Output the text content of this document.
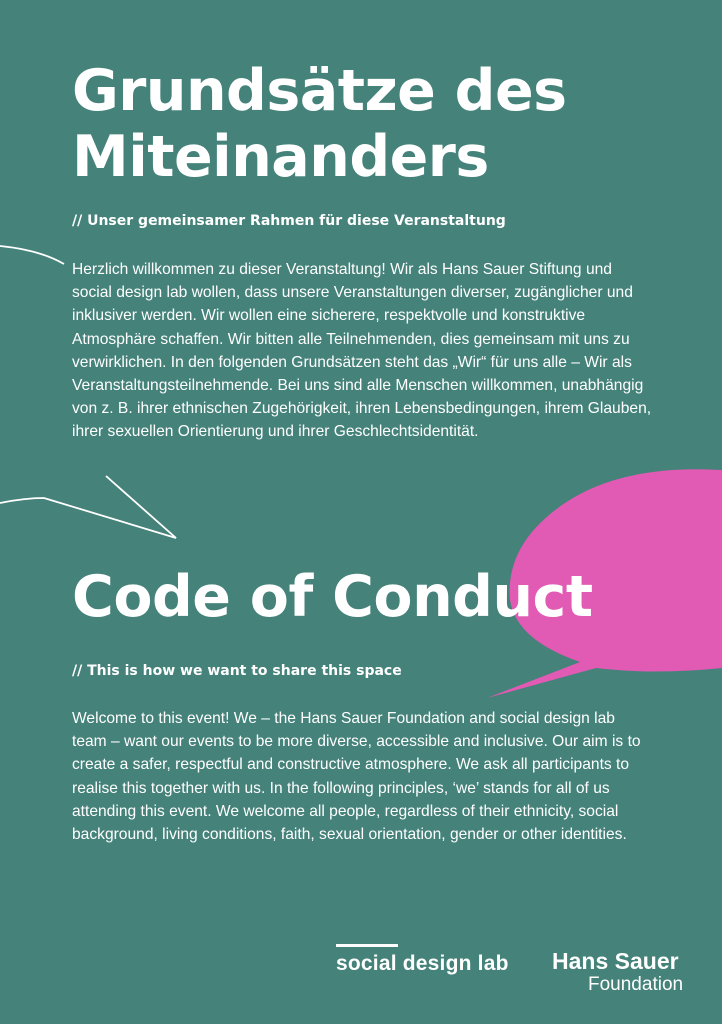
Grundsätze des Miteinanders

// Unser gemeinsamer Rahmen für diese Veranstaltung

Herzlich willkommen zu dieser Veranstaltung! Wir als Hans Sauer Stiftung und social design lab wollen, dass unsere Veranstaltungen diverser, zugänglicher und inklusiver werden. Wir wollen eine sicherere, respektvolle und konstruktive Atmosphäre schaffen. Wir bitten alle Teilnehmenden, dies gemeinsam mit uns zu verwirklichen. In den folgenden Grundsätzen steht das „Wir“ für uns alle – Wir als Veranstaltungsteilnehmende. Bei uns sind alle Menschen willkommen, unabhängig von z. B. ihrer ethnischen Zugehörigkeit, ihren Lebensbedingungen, ihrem Glauben, ihrer sexuellen Orientierung und ihrer Geschlechtsidentität.

Code of Conduct

// This is how we want to share this space

Welcome to this event! We – the Hans Sauer Foundation and social design lab team – want our events to be more diverse, accessible and inclusive. Our aim is to create a safer, respectful and constructive atmosphere. We ask all participants to realise this together with us. In the following principles, ‘we’ stands for all of us attending this event. We welcome all people, regardless of their ethnicity, social background, living conditions, faith, sexual orientation, gender or other identities.

social design lab Hans Sauer
Foundation
